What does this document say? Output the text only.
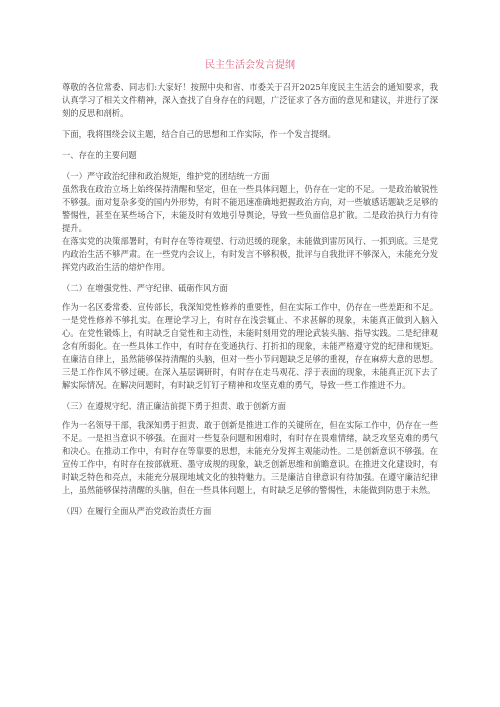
民主生活会发言提纲

尊敬的各位常委、同志们:大家好！按照中央和省、市委关于召开2025年度民主生活会的通知要求，我认真学习了相关文件精神，深入查找了自身存在的问题，广泛征求了各方面的意见和建议，并进行了深刻的反思和剖析。

下面，我将围绕会议主题，结合自己的思想和工作实际，作一个发言提纲。

一、存在的主要问题

（一）严守政治纪律和政治规矩，维护党的团结统一方面

虽然我在政治立场上始终保持清醒和坚定，但在一些具体问题上，仍存在一定的不足。一是政治敏锐性不够强。面对复杂多变的国内外形势，有时不能迅速准确地把握政治方向，对一些敏感话题缺乏足够的警惕性，甚至在某些场合下，未能及时有效地引导舆论，导致一些负面信息扩散。二是政治执行力有待提升。

在落实党的决策部署时，有时存在等待观望、行动迟缓的现象，未能做到雷厉风行、一抓到底。三是党内政治生活不够严肃。在一些党内会议上，有时发言不够积极，批评与自我批评不够深入，未能充分发挥党内政治生活的熔炉作用。

（二）在增强党性、严守纪律、砥砺作风方面

作为一名区委常委、宣传部长，我深知党性修养的重要性，但在实际工作中，仍存在一些差距和不足。一是党性修养不够扎实。在理论学习上，有时存在浅尝辄止、不求甚解的现象，未能真正做到入脑入心。在党性锻炼上，有时缺乏自觉性和主动性，未能时刻用党的理论武装头脑、指导实践。二是纪律观念有所弱化。在一些具体工作中，有时存在变通执行、打折扣的现象，未能严格遵守党的纪律和规矩。在廉洁自律上，虽然能够保持清醒的头脑，但对一些小节问题缺乏足够的重视，存在麻痹大意的思想。三是工作作风不够过硬。在深入基层调研时，有时存在走马观花、浮于表面的现象，未能真正沉下去了解实际情况。在解决问题时，有时缺乏钉钉子精神和攻坚克难的勇气，导致一些工作推进不力。

（三）在遵规守纪、清正廉洁前提下勇于担责、敢于创新方面

作为一名领导干部，我深知勇于担责、敢于创新是推进工作的关键所在，但在实际工作中，仍存在一些不足。一是担当意识不够强。在面对一些复杂问题和困难时，有时存在畏难情绪，缺乏攻坚克难的勇气和决心。在推动工作中，有时存在等靠要的思想，未能充分发挥主观能动性。二是创新意识不够强。在宣传工作中，有时存在按部就班、墨守成规的现象，缺乏创新思维和前瞻意识。在推进文化建设时，有时缺乏特色和亮点，未能充分展现地域文化的独特魅力。三是廉洁自律意识有待加强。在遵守廉洁纪律上，虽然能够保持清醒的头脑，但在一些具体问题上，有时缺乏足够的警惕性，未能做到防患于未然。

（四）在履行全面从严治党政治责任方面
